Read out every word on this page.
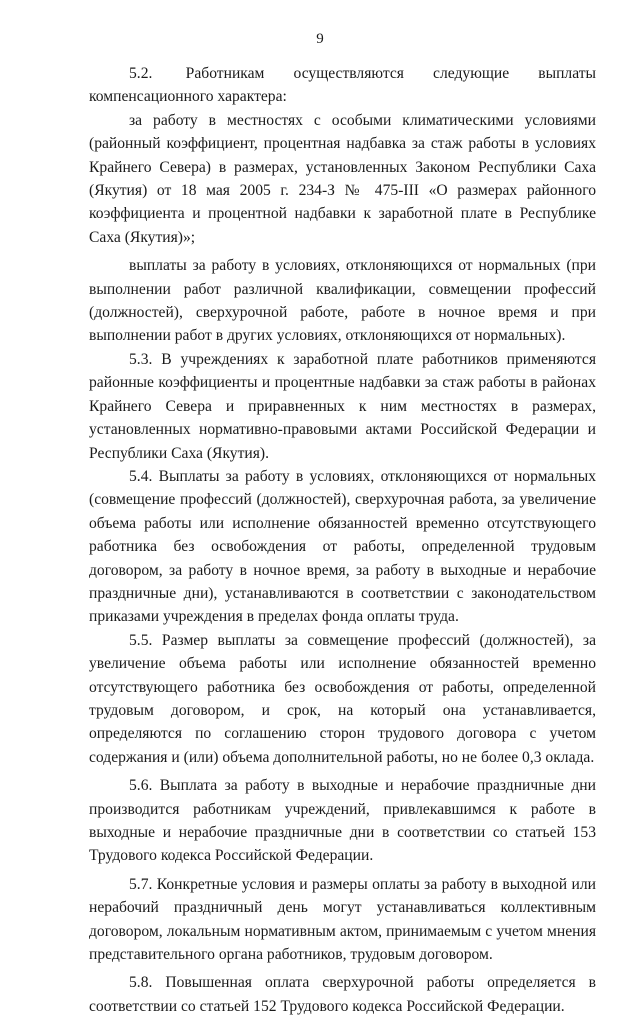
9

5.2.        Работникам       осуществляются       следующие       выплаты компенсационного характера:

за работу в местностях с особыми климатическими условиями (районный коэффициент, процентная надбавка за стаж работы в условиях Крайнего Севера) в размерах, установленных Законом Республики Саха (Якутия) от 18 мая 2005 г. 234-З № 475-III «О размерах районного коэффициента и процентной надбавки к заработной плате в Республике Саха (Якутия)»;

выплаты за работу в условиях, отклоняющихся от нормальных (при выполнении работ различной квалификации, совмещении профессий (должностей), сверхурочной работе, работе в ночное время и при выполнении работ в других условиях, отклоняющихся от нормальных).

5.3. В учреждениях к заработной плате работников применяются районные коэффициенты и процентные надбавки за стаж работы в районах Крайнего Севера и приравненных к ним местностях в размерах, установленных нормативно-правовыми актами Российской Федерации и Республики Саха (Якутия).

5.4. Выплаты за работу в условиях, отклоняющихся от нормальных (совмещение профессий (должностей), сверхурочная работа, за увеличение объема работы или исполнение обязанностей временно отсутствующего работника без освобождения от работы, определенной трудовым договором, за работу в ночное время, за работу в выходные и нерабочие праздничные дни), устанавливаются в соответствии с законодательством приказами учреждения в пределах фонда оплаты труда.

5.5. Размер выплаты за совмещение профессий (должностей), за увеличение объема работы или исполнение обязанностей временно отсутствующего работника без освобождения от работы, определенной трудовым договором, и срок, на который она устанавливается, определяются по соглашению сторон трудового договора с учетом содержания и (или) объема дополнительной работы, но не более 0,3 оклада.

5.6. Выплата за работу в выходные и нерабочие праздничные дни производится работникам учреждений, привлекавшимся к работе в выходные и нерабочие праздничные дни в соответствии со статьей 153 Трудового кодекса Российской Федерации.

5.7. Конкретные условия и размеры оплаты за работу в выходной или нерабочий праздничный день могут устанавливаться коллективным договором, локальным нормативным актом, принимаемым с учетом мнения представительного органа работников, трудовым договором.

5.8. Повышенная оплата сверхурочной работы определяется в соответствии со статьей 152 Трудового кодекса Российской Федерации.
